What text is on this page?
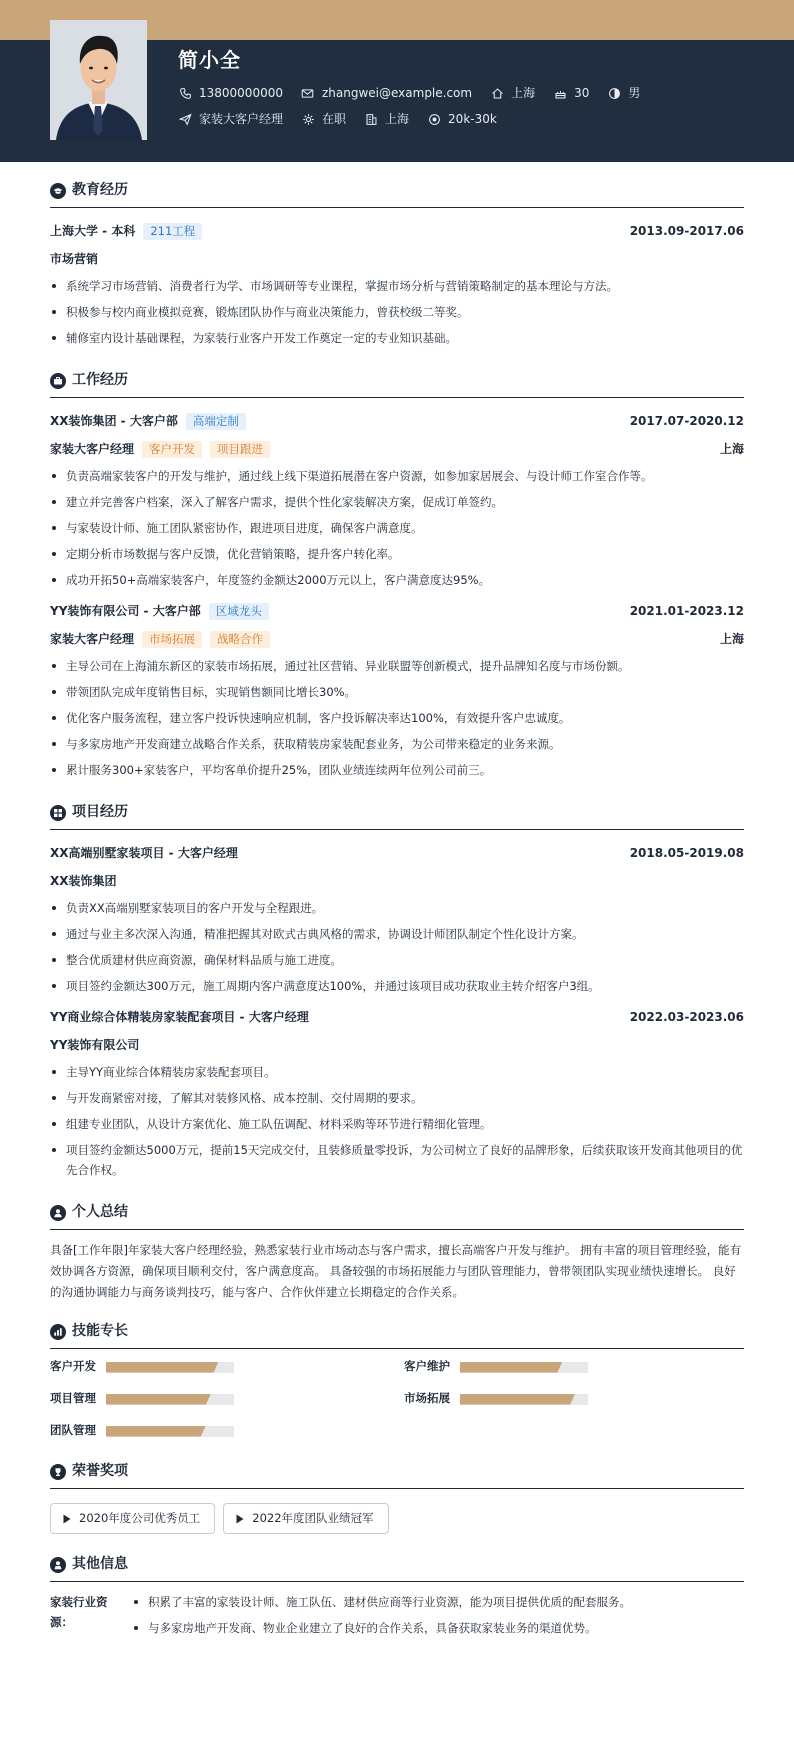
简小全
13800000000	zhangwei@example.com	上海	30	男
家装大客户经理	在职	上海	20k-30k
教育经历
上海大学 - 本科	211工程	2013.09-2017.06
市场营销
系统学习市场营销、消费者行为学、市场调研等专业课程，掌握市场分析与营销策略制定的基本理论与方法。
积极参与校内商业模拟竞赛，锻炼团队协作与商业决策能力，曾获校级二等奖。
辅修室内设计基础课程，为家装行业客户开发工作奠定一定的专业知识基础。
工作经历
XX装饰集团 - 大客户部	高端定制	2017.07-2020.12
家装大客户经理	客户开发	项目跟进	上海
负责高端家装客户的开发与维护，通过线上线下渠道拓展潜在客户资源，如参加家居展会、与设计师工作室合作等。
建立并完善客户档案，深入了解客户需求，提供个性化家装解决方案，促成订单签约。
与家装设计师、施工团队紧密协作，跟进项目进度，确保客户满意度。
定期分析市场数据与客户反馈，优化营销策略，提升客户转化率。
成功开拓50+高端家装客户，年度签约金额达2000万元以上，客户满意度达95%。
YY装饰有限公司 - 大客户部	区域龙头	2021.01-2023.12
家装大客户经理	市场拓展	战略合作	上海
主导公司在上海浦东新区的家装市场拓展，通过社区营销、异业联盟等创新模式，提升品牌知名度与市场份额。
带领团队完成年度销售目标，实现销售额同比增长30%。
优化客户服务流程，建立客户投诉快速响应机制，客户投诉解决率达100%，有效提升客户忠诚度。
与多家房地产开发商建立战略合作关系，获取精装房家装配套业务，为公司带来稳定的业务来源。
累计服务300+家装客户，平均客单价提升25%，团队业绩连续两年位列公司前三。
项目经历
XX高端别墅家装项目 - 大客户经理	2018.05-2019.08
XX装饰集团
负责XX高端别墅家装项目的客户开发与全程跟进。
通过与业主多次深入沟通，精准把握其对欧式古典风格的需求，协调设计师团队制定个性化设计方案。
整合优质建材供应商资源，确保材料品质与施工进度。
项目签约金额达300万元，施工周期内客户满意度达100%，并通过该项目成功获取业主转介绍客户3组。
YY商业综合体精装房家装配套项目 - 大客户经理	2022.03-2023.06
YY装饰有限公司
主导YY商业综合体精装房家装配套项目。
与开发商紧密对接，了解其对装修风格、成本控制、交付周期的要求。
组建专业团队，从设计方案优化、施工队伍调配、材料采购等环节进行精细化管理。
项目签约金额达5000万元，提前15天完成交付，且装修质量零投诉，为公司树立了良好的品牌形象，后续获取该开发商其他项目的优先合作权。
个人总结
具备[工作年限]年家装大客户经理经验，熟悉家装行业市场动态与客户需求，擅长高端客户开发与维护。 拥有丰富的项目管理经验，能有效协调各方资源，确保项目顺利交付，客户满意度高。 具备较强的市场拓展能力与团队管理能力，曾带领团队实现业绩快速增长。 良好的沟通协调能力与商务谈判技巧，能与客户、合作伙伴建立长期稳定的合作关系。
技能专长
客户开发	客户维护
项目管理	市场拓展
团队管理
荣誉奖项
2020年度公司优秀员工	2022年度团队业绩冠军
其他信息
家装行业资源：
积累了丰富的家装设计师、施工队伍、建材供应商等行业资源，能为项目提供优质的配套服务。
与多家房地产开发商、物业企业建立了良好的合作关系，具备获取家装业务的渠道优势。
